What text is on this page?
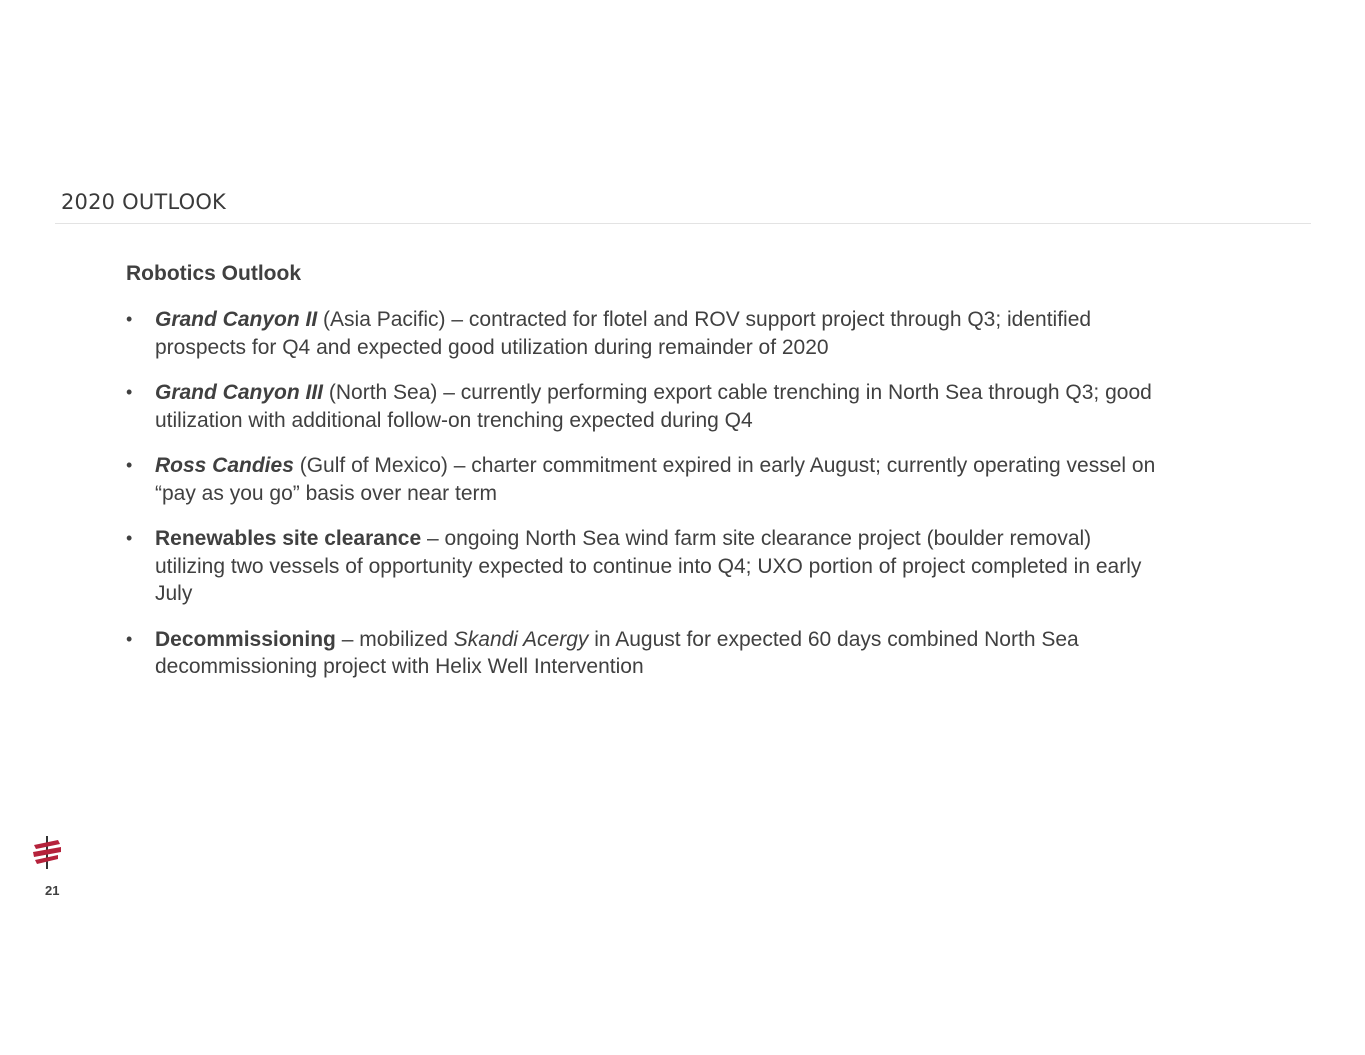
2020 OUTLOOK
Robotics Outlook
• Grand Canyon II (Asia Pacific) – contracted for flotel and ROV support project through Q3; identified prospects for Q4 and expected good utilization during remainder of 2020
• Grand Canyon III (North Sea) – currently performing export cable trenching in North Sea through Q3; good utilization with additional follow-on trenching expected during Q4
• Ross Candies (Gulf of Mexico) – charter commitment expired in early August; currently operating vessel on “pay as you go” basis over near term
• Renewables site clearance – ongoing North Sea wind farm site clearance project (boulder removal) utilizing two vessels of opportunity expected to continue into Q4; UXO portion of project completed in early July
• Decommissioning – mobilized Skandi Acergy in August for expected 60 days combined North Sea decommissioning project with Helix Well Intervention
21
